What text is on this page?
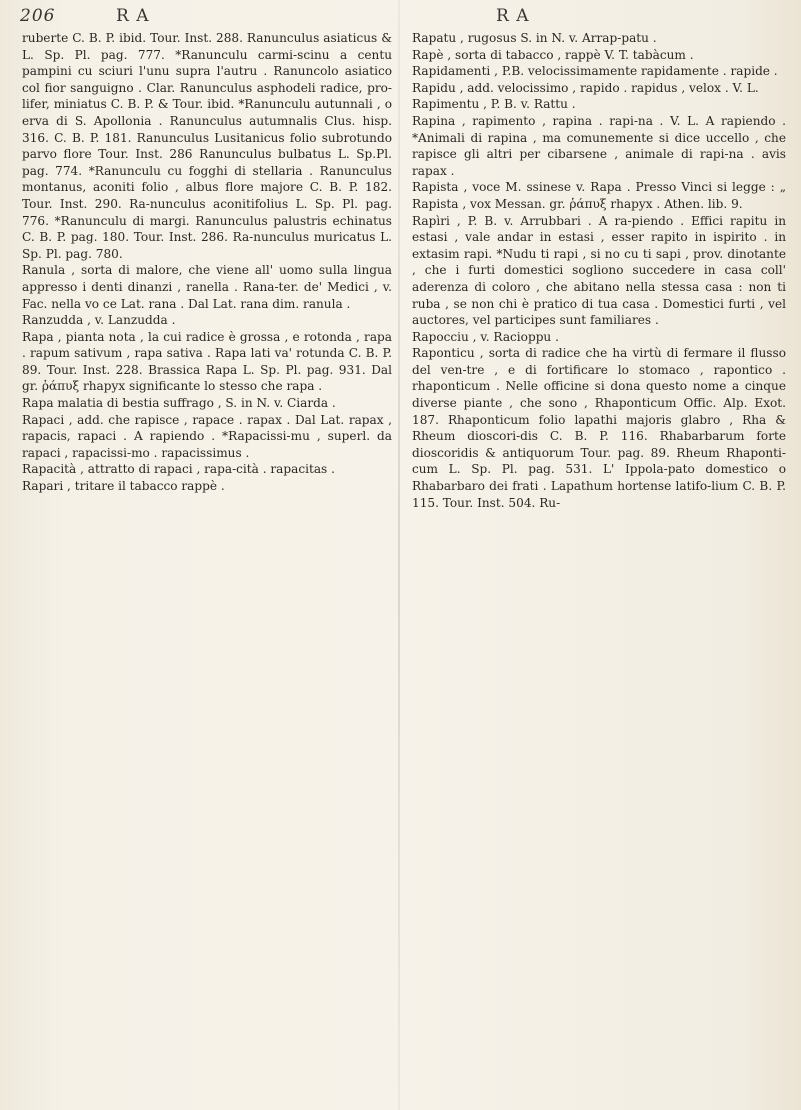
206	R A	R A

ruberte C. B. P. ibid. Tour. Inst. 288. Ranunculus asiaticus & L. Sp. Pl. pag. 777. *Ranunculu carmi-scinu a centu pampini cu sciuri l'unu supra l'autru . Ranuncolo asiatico col fior sanguigno . Clar. Ranunculus asphodeli radice, pro-lifer, miniatus C. B. P. & Tour. ibid. *Ranunculu autunnali , o erva di S. Apollonia . Ranunculus autumnalis Clus. hisp. 316. C. B. P. 181. Ranunculus Lusitanicus folio subrotundo parvo flore Tour. Inst. 286 Ranunculus bulbatus L. Sp.Pl. pag. 774. *Ranunculu cu fogghi di stellaria . Ranunculus montanus, aconiti folio , albus flore majore C. B. P. 182. Tour. Inst. 290. Ra-nunculus aconitifolius L. Sp. Pl. pag. 776. *Ranunculu di margi. Ranunculus palustris echinatus C. B. P. pag. 180. Tour. Inst. 286. Ra-nunculus muricatus L. Sp. Pl. pag. 780.

Ranula , sorta di malore, che viene all' uomo sulla lingua appresso i denti dinanzi , ranella . Rana-ter. de' Medici , v. Fac. nella vo ce Lat. rana . Dal Lat. rana dim. ranula .

Ranzudda , v. Lanzudda .

Rapa , pianta nota , la cui radice è grossa , e rotonda , rapa . rapum sativum , rapa sativa . Rapa lati va' rotunda C. B. P. 89. Tour. Inst. 228. Brassica Rapa L. Sp. Pl. pag. 931. Dal gr. ῥάπυξ rhapyx significante lo stesso che rapa .

Rapa malatia di bestia suffrago , S. in N. v. Ciarda .

Rapaci , add. che rapisce , rapace . rapax . Dal Lat. rapax , rapacis, rapaci . A rapiendo . *Rapacissi-mu , superl. da rapaci , rapacissi-mo . rapacissimus .

Rapacità , attratto di rapaci , rapa-cità . rapacitas .

Rapari , tritare il tabacco rappè .

Rapatu , rugosus S. in N. v. Arrap-patu .

Rapè , sorta di tabacco , rappè V. T. tabàcum .

Rapidamenti , P.B. velocissimamente rapidamente . rapide .

Rapidu , add. velocissimo , rapido . rapidus , velox . V. L.

Rapimentu , P. B. v. Rattu .

Rapina , rapimento , rapina . rapi-na . V. L. A rapiendo . *Animali di rapina , ma comunemente si dice uccello , che rapisce gli altri per cibarsene , animale di rapi-na . avis rapax .

Rapista , voce M. ssinese v. Rapa . Presso Vinci si legge : „ Rapista , vox Messan. gr. ῥάπυξ rhapyx . Athen. lib. 9.

Rapìri , P. B. v. Arrubbari . A ra-piendo . Effici rapitu in estasi , vale andar in estasi , esser rapito in ispirito . in extasim rapi. *Nudu ti rapi , si no cu ti sapi , prov. dinotante , che i furti domestici sogliono succedere in casa coll' aderenza di coloro , che abitano nella stessa casa : non ti ruba , se non chi è pratico di tua casa . Domestici furti , vel auctores, vel participes sunt familiares .

Rapocciu , v. Racioppu .

Raponticu , sorta di radice che ha virtù di fermare il flusso del ven-tre , e di fortificare lo stomaco , rapontico . rhaponticum . Nelle officine si dona questo nome a cinque diverse piante , che sono , Rhaponticum Offic. Alp. Exot. 187. Rhaponticum folio lapathi majoris glabro , Rha & Rheum dioscori-dis C. B. P. 116. Rhabarbarum forte dioscoridis & antiquorum Tour. pag. 89. Rheum Rhaponti-cum L. Sp. Pl. pag. 531. L' Ippola-pato domestico o Rhabarbaro dei frati . Lapathum hortense latifo-lium C. B. P. 115. Tour. Inst. 504. Ru-
